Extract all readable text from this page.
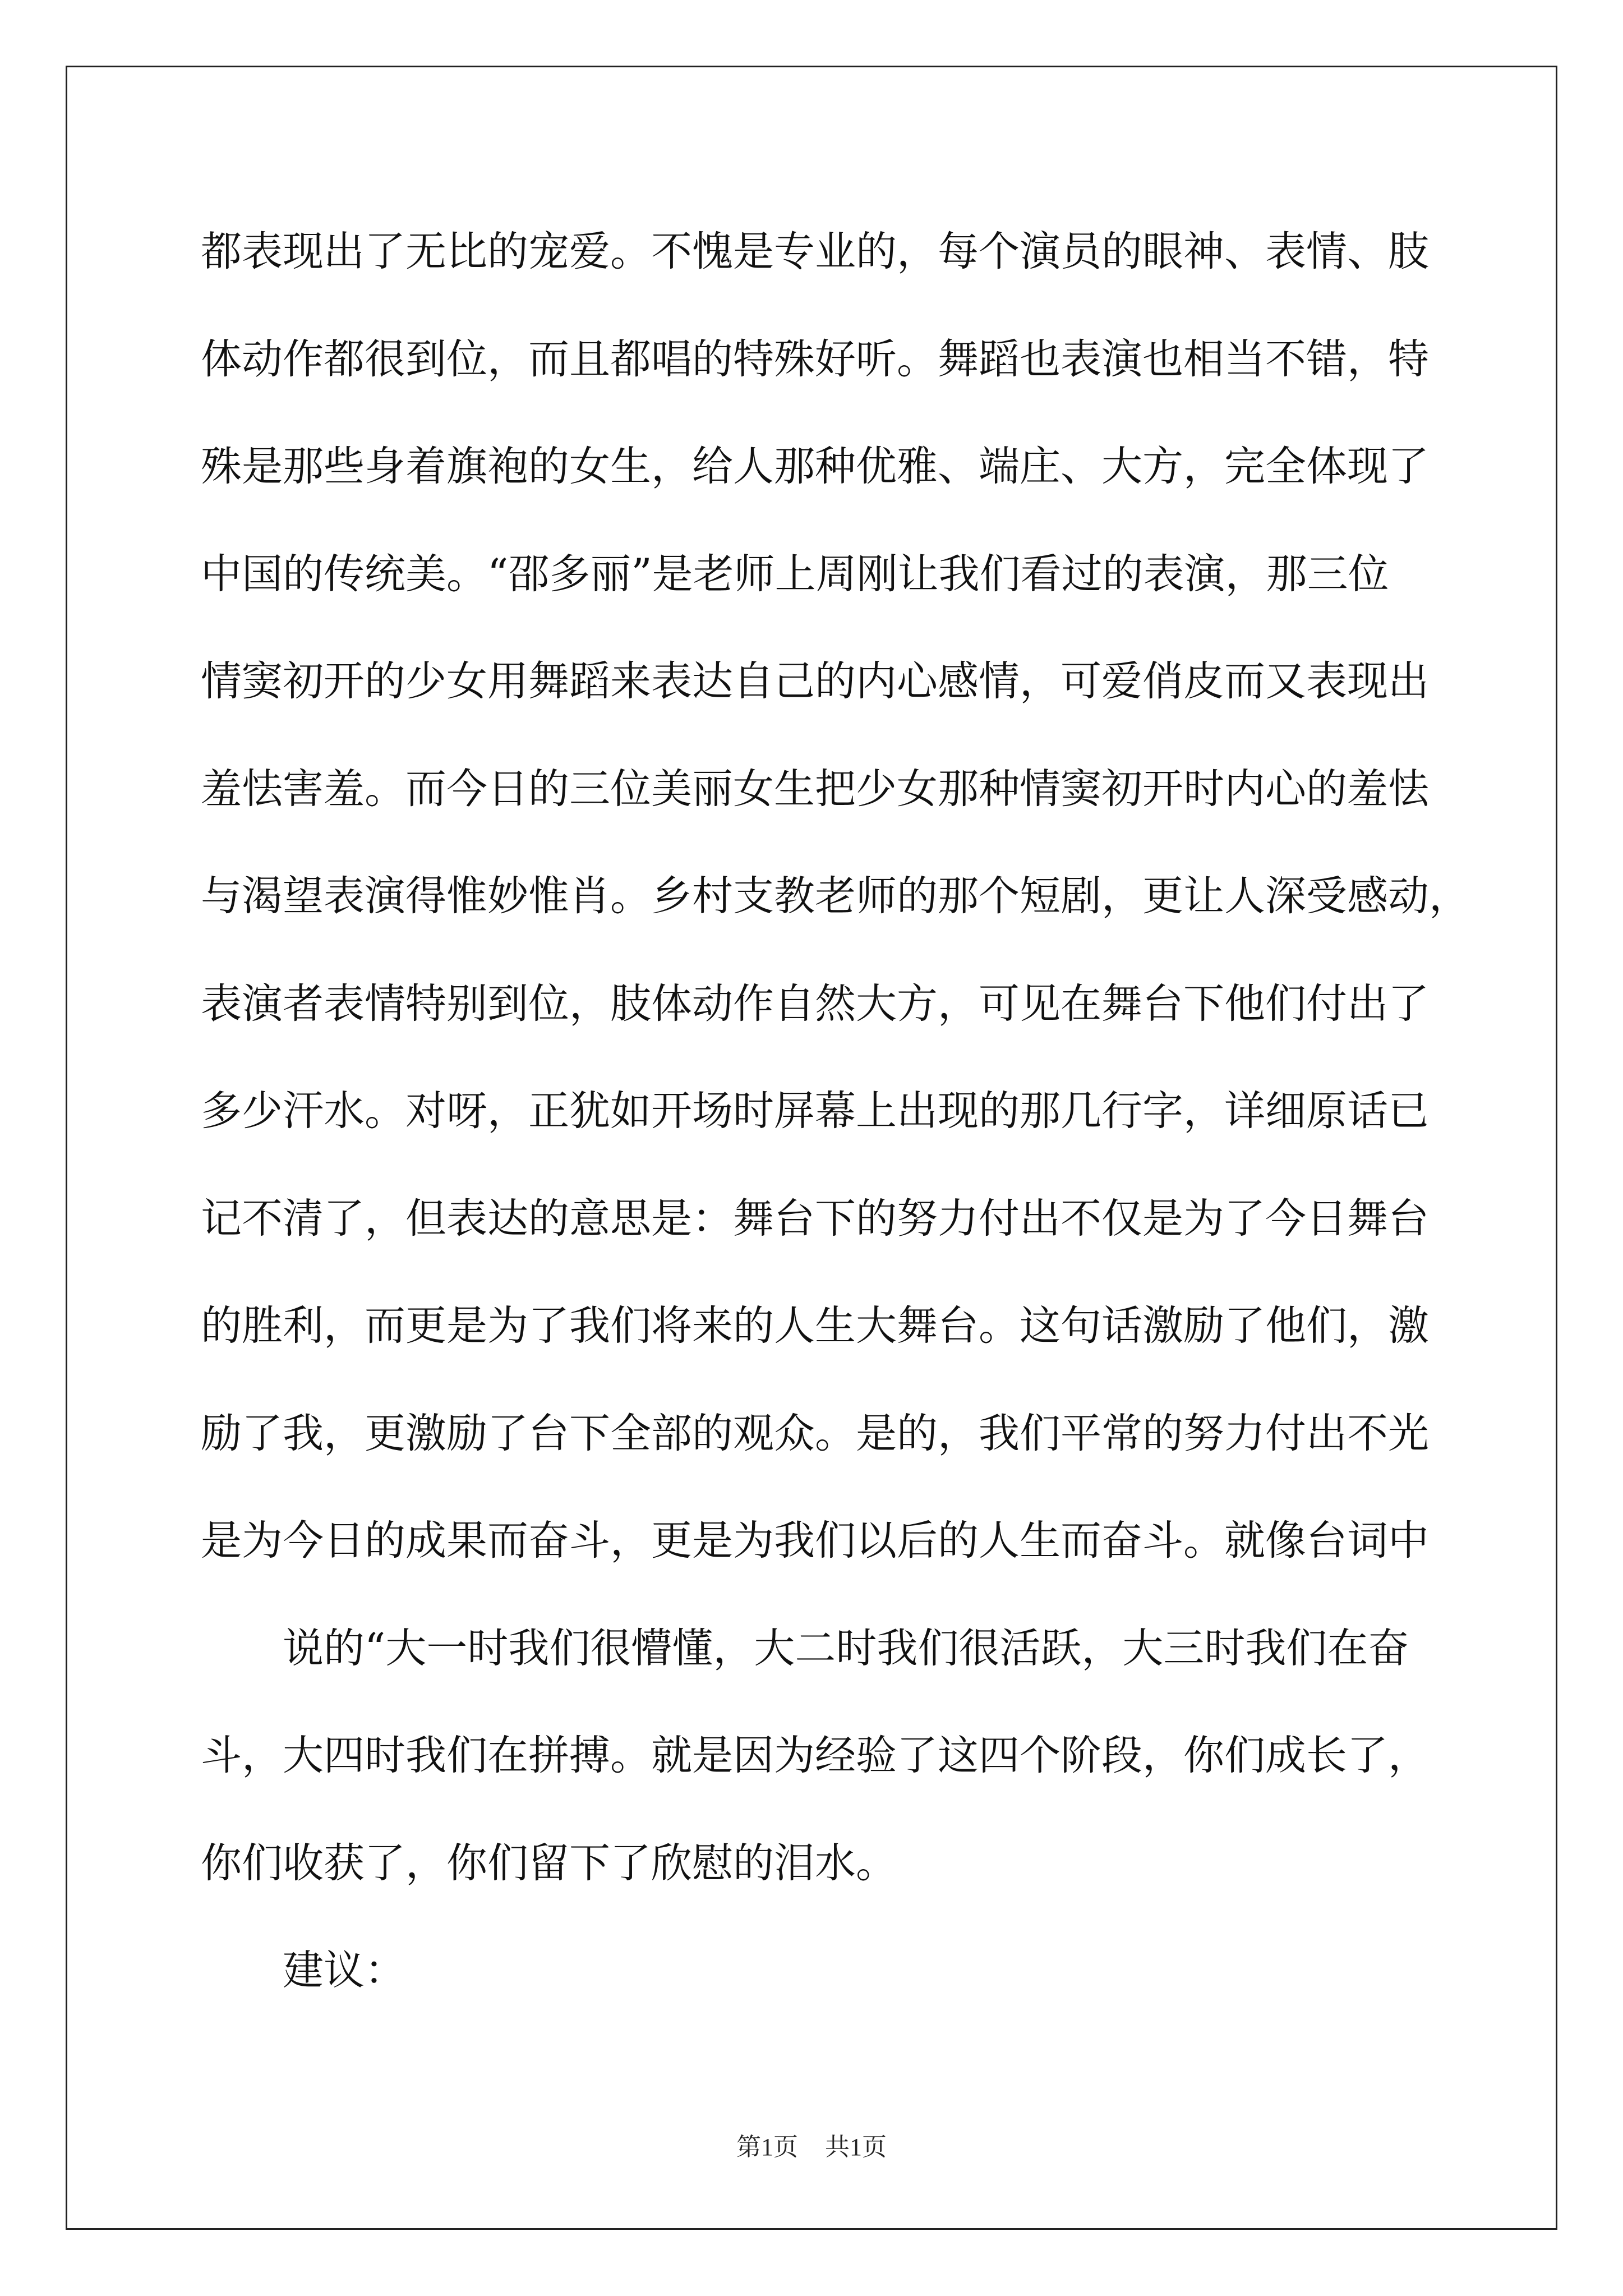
都表现出了无比的宠爱。不愧是专业的，每个演员的眼神、表情、肢
体动作都很到位，而且都唱的特殊好听。舞蹈也表演也相当不错，特
殊是那些身着旗袍的女生，给人那种优雅、端庄、大方，完全体现了
中国的传统美。“邵多丽”是老师上周刚让我们看过的表演，那三位
情窦初开的少女用舞蹈来表达自己的内心感情，可爱俏皮而又表现出
羞怯害羞。而今日的三位美丽女生把少女那种情窦初开时内心的羞怯
与渴望表演得惟妙惟肖。乡村支教老师的那个短剧，更让人深受感动，
表演者表情特别到位，肢体动作自然大方，可见在舞台下他们付出了
多少汗水。对呀，正犹如开场时屏幕上出现的那几行字，详细原话已
记不清了，但表达的意思是：舞台下的努力付出不仅是为了今日舞台
的胜利，而更是为了我们将来的人生大舞台。这句话激励了他们，激
励了我，更激励了台下全部的观众。是的，我们平常的努力付出不光
是为今日的成果而奋斗，更是为我们以后的人生而奋斗。就像台词中
说的“大一时我们很懵懂，大二时我们很活跃，大三时我们在奋
斗，大四时我们在拼搏。就是因为经验了这四个阶段，你们成长了，
你们收获了，你们留下了欣慰的泪水。
建议：
第1页 共1页
